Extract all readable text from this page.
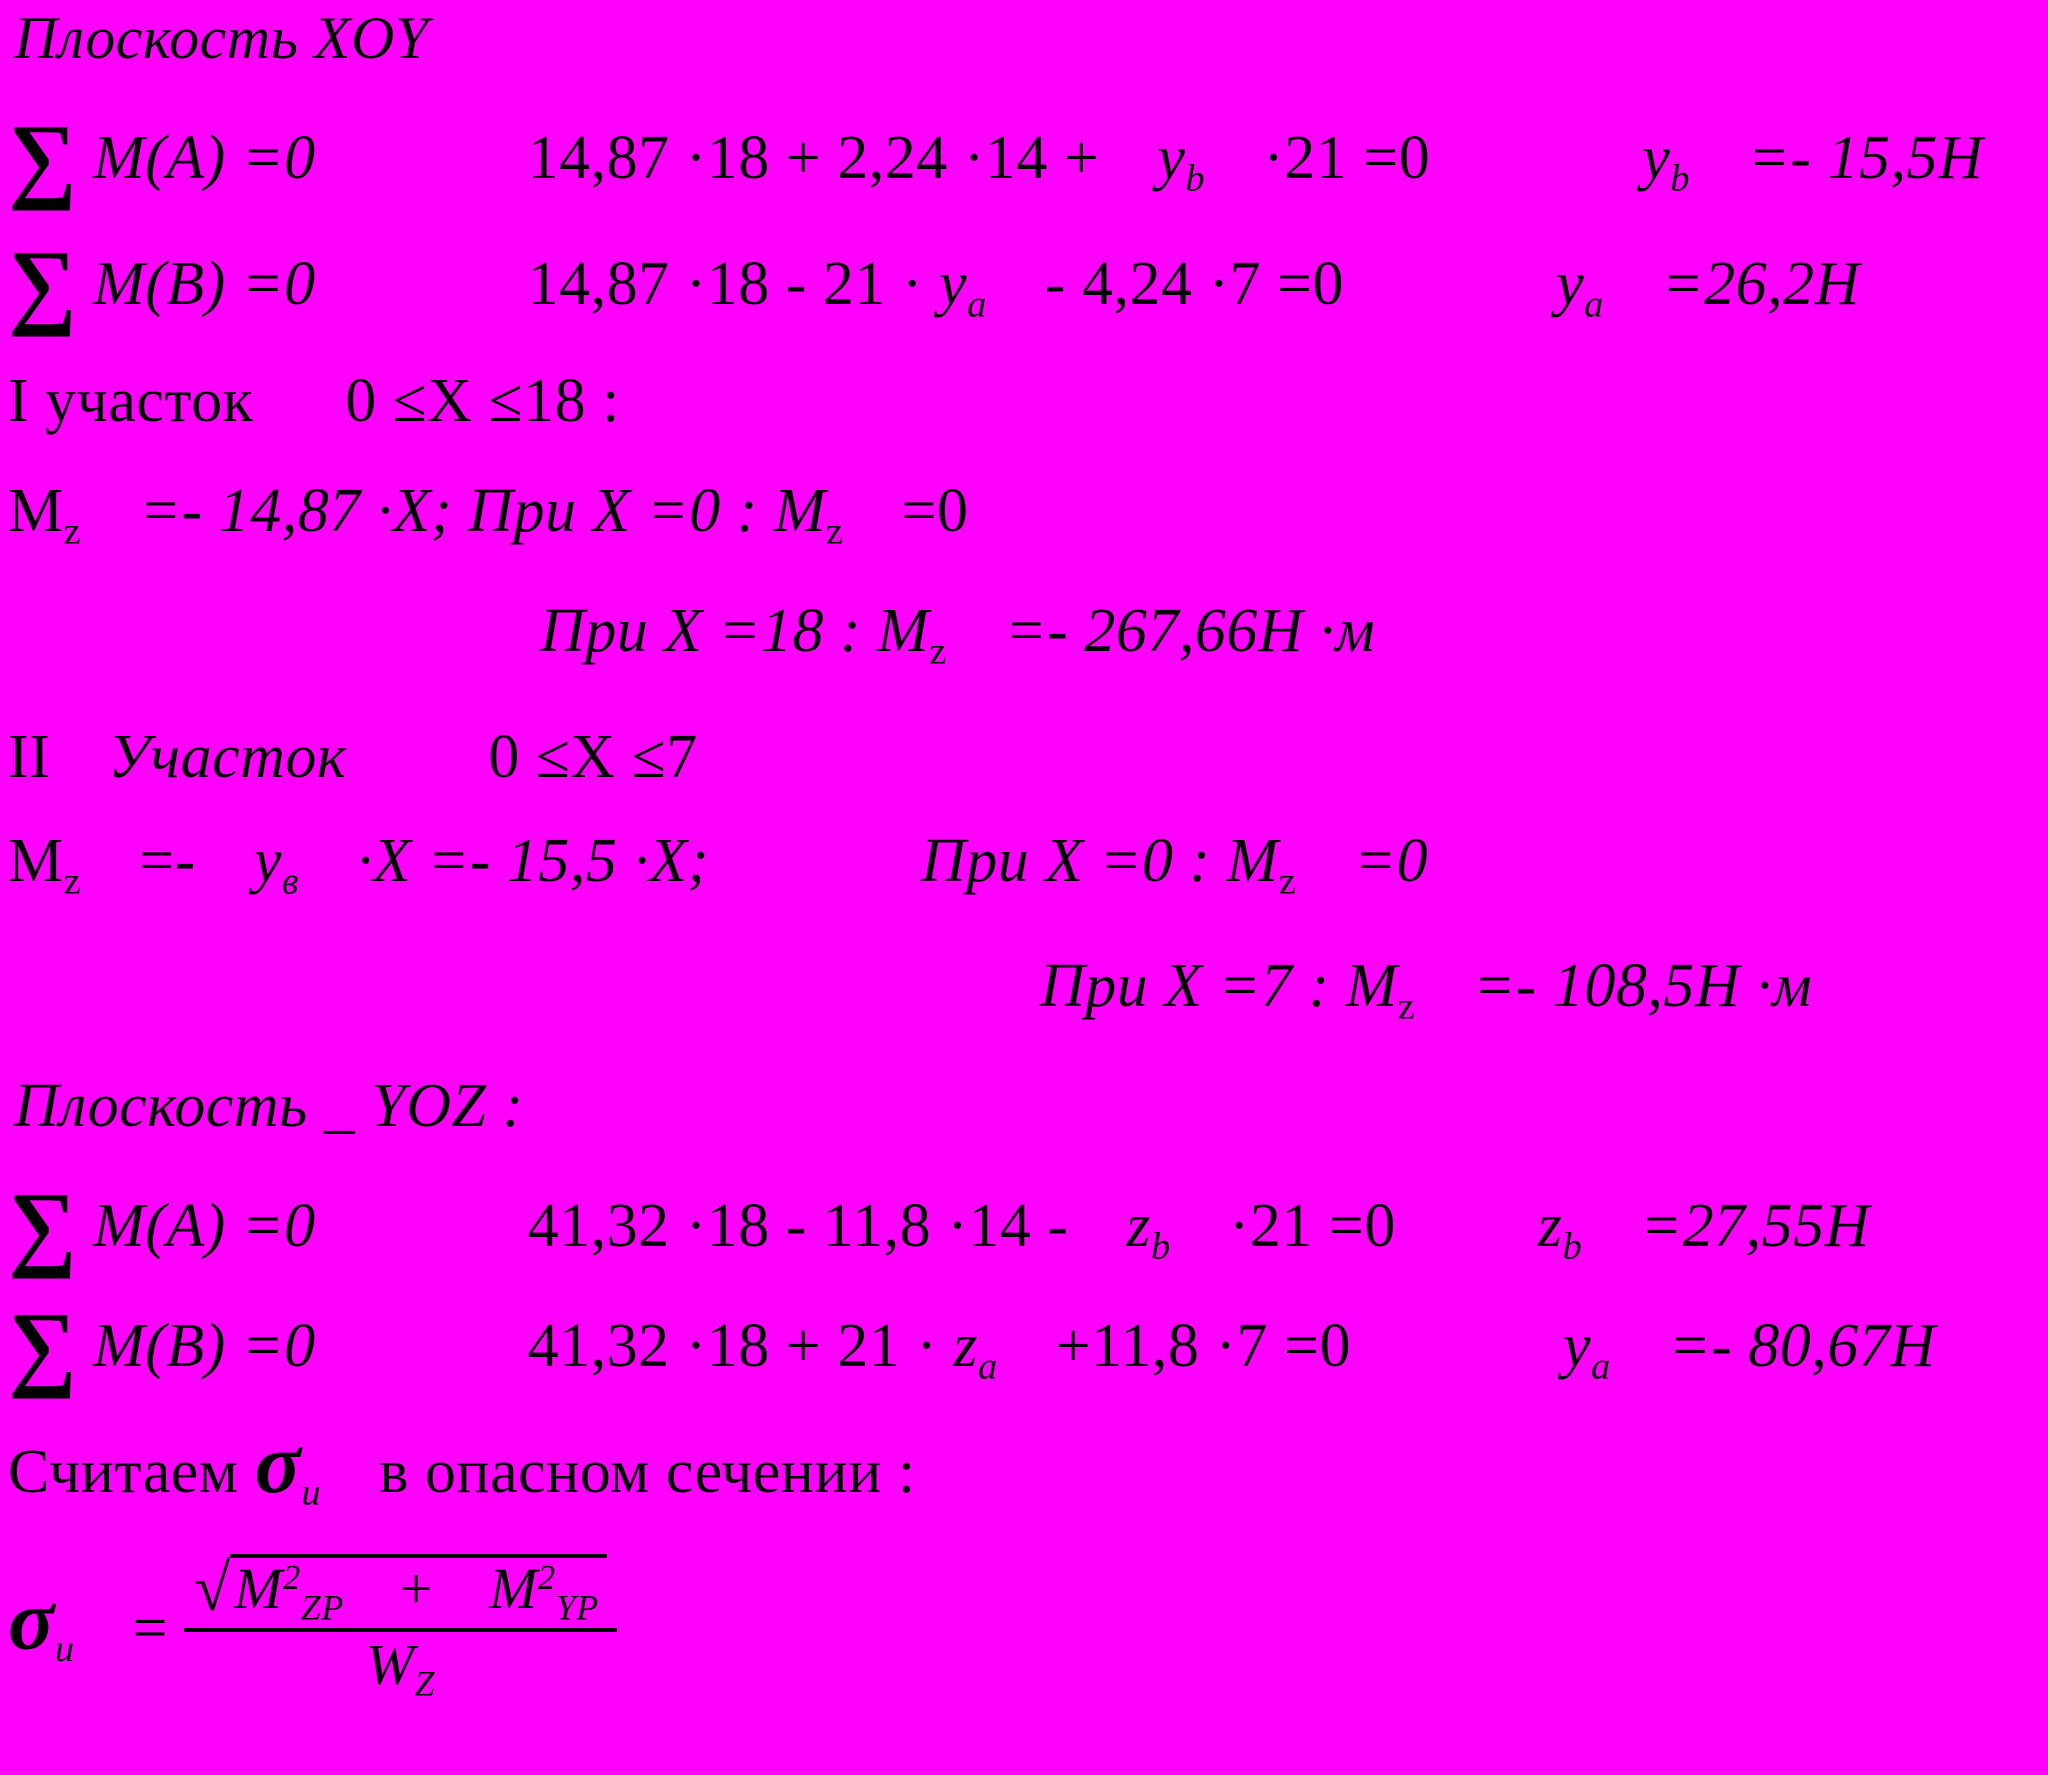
Плоскость XOY
∑ M(A) =0	$14,87 \cdot 18 + 2,24 \cdot 14 + y_b \cdot 21 =0$	$y_b =- 15,5H$
∑ M(B) =0	$14,87 \cdot 18 - 21 \cdot y_a - 4,24 \cdot 7 =0$	$y_a =26,2H$
I участок 0 ≤X ≤18 :
$M_z =- 14,87 \cdot X$; При X =0 : $M_z =0$
При X =18 : $M_z =- 267,66H \cdot м$
II Участок 0 ≤X ≤7
$M_z =- y_в \cdot X =- 15,5 \cdot X$;	При X =0 : $M_z =0$
При X =7 : $M_z =- 108,5H \cdot м$
Плоскость _ YOZ :
∑ M(A) =0	$41,32 \cdot 18 - 11,8 \cdot 14 - z_b \cdot 21 =0$ $z_b =27,55H$
∑ M(B) =0	$41,32 \cdot 18 + 21 \cdot z_a +11,8 \cdot 7 =0$	$y_a =- 80,67H$
Считаем $\sigma_и$ в опасном сечении :
$\sigma_и$ =
√ $M^2_{ZP} + M^2_{YP}$
$W_Z$
